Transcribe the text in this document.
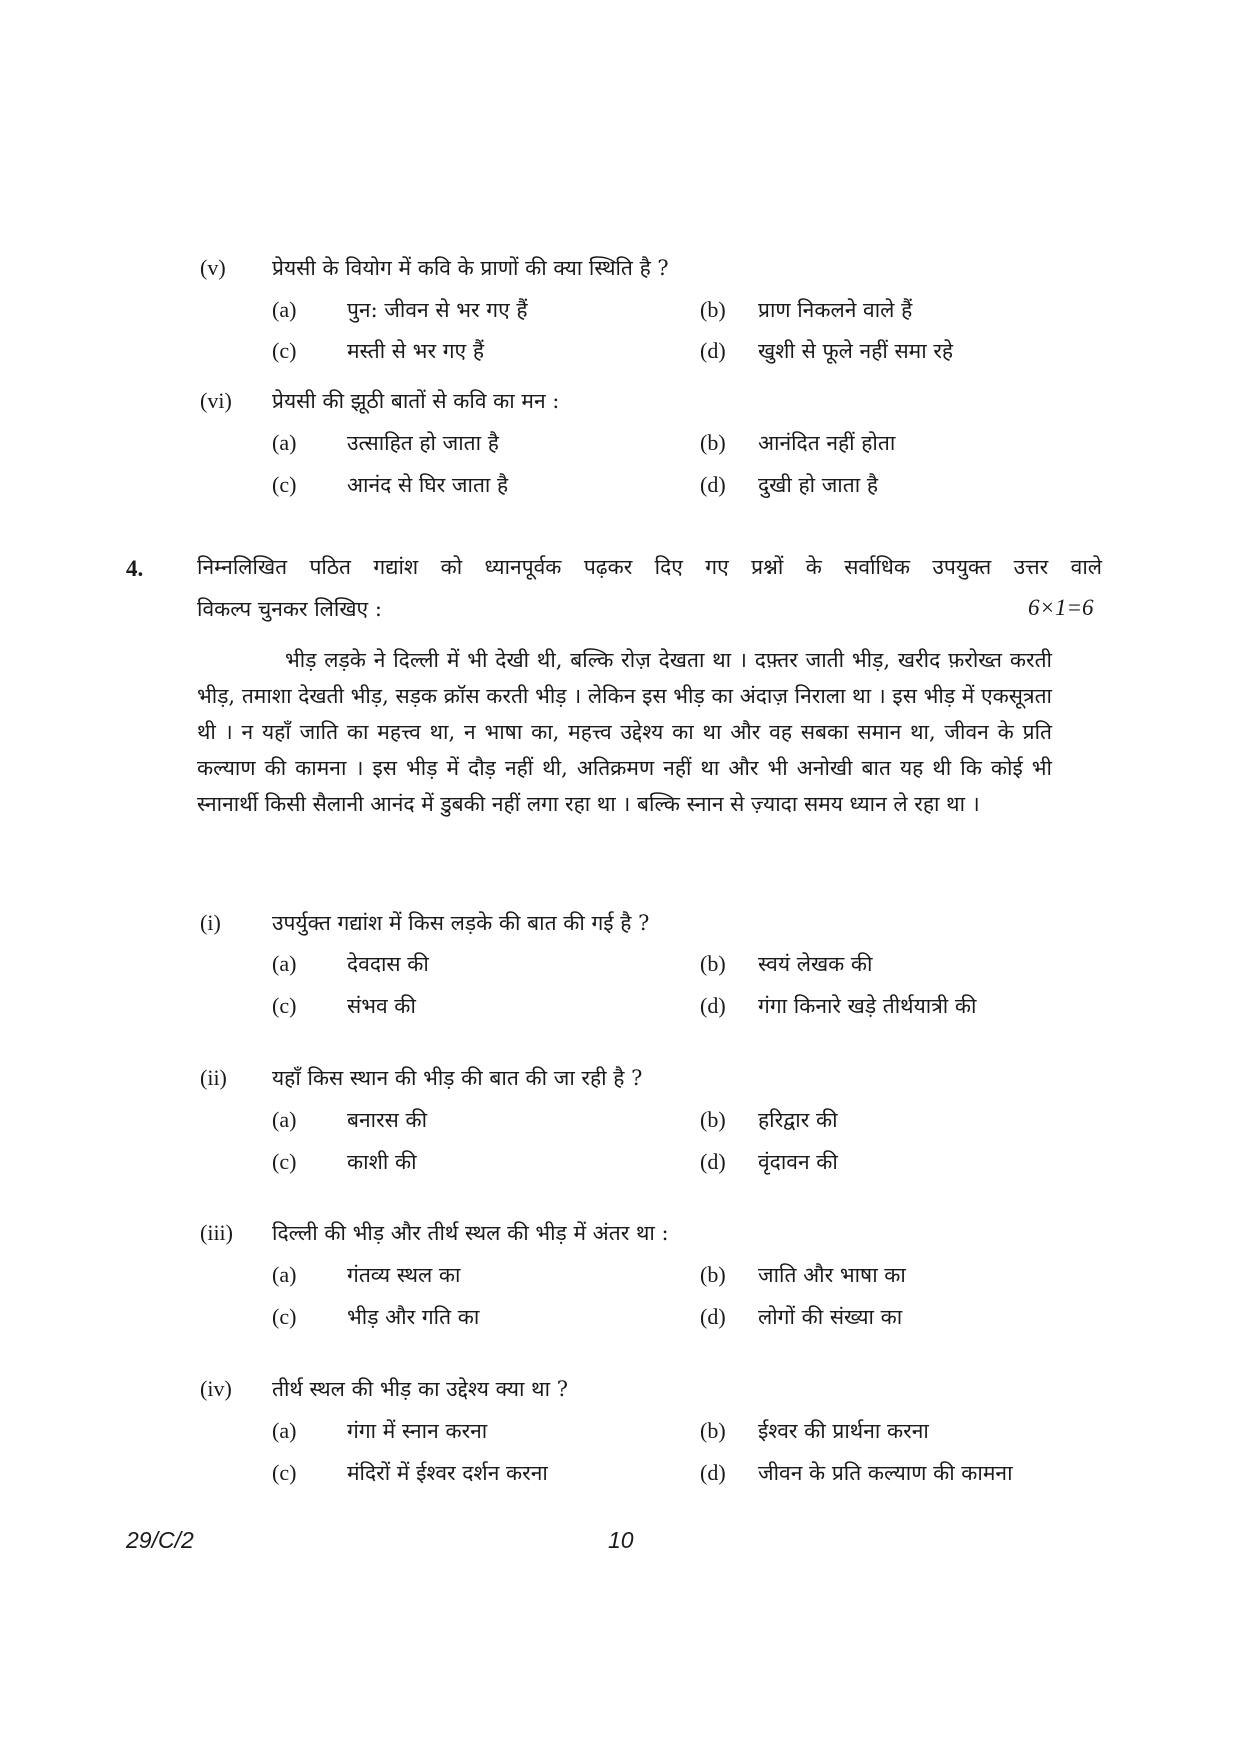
(v) प्रेयसी के वियोग में कवि के प्राणों की क्या स्थिति है ?
(a) पुन: जीवन से भर गए हैं	(b) प्राण निकलने वाले हैं
(c) मस्ती से भर गए हैं	(d) खुशी से फूले नहीं समा रहे
(vi) प्रेयसी की झूठी बातों से कवि का मन :
(a) उत्साहित हो जाता है	(b) आनंदित नहीं होता
(c) आनंद से घिर जाता है	(d) दुखी हो जाता है
4.	निम्नलिखित पठित गद्यांश को ध्यानपूर्वक पढ़कर दिए गए प्रश्नों के सर्वाधिक उपयुक्त उत्तर वाले
विकल्प चुनकर लिखिए :	6×1=6
भीड़ लड़के ने दिल्ली में भी देखी थी, बल्कि रोज़ देखता था । दफ़्तर जाती भीड़, खरीद फ़रोख्त करती भीड़, तमाशा देखती भीड़, सड़क क्रॉस करती भीड़ । लेकिन इस भीड़ का अंदाज़ निराला था । इस भीड़ में एकसूत्रता थी । न यहाँ जाति का महत्त्व था, न भाषा का, महत्त्व उद्देश्य का था और वह सबका समान था, जीवन के प्रति कल्याण की कामना । इस भीड़ में दौड़ नहीं थी, अतिक्रमण नहीं था और भी अनोखी बात यह थी कि कोई भी स्नानार्थी किसी सैलानी आनंद में डुबकी नहीं लगा रहा था । बल्कि स्नान से ज़्यादा समय ध्यान ले रहा था ।
(i) उपर्युक्त गद्यांश में किस लड़के की बात की गई है ?
(a) देवदास की	(b) स्वयं लेखक की
(c) संभव की	(d) गंगा किनारे खड़े तीर्थयात्री की
(ii) यहाँ किस स्थान की भीड़ की बात की जा रही है ?
(a) बनारस की	(b) हरिद्वार की
(c) काशी की	(d) वृंदावन की
(iii) दिल्ली की भीड़ और तीर्थ स्थल की भीड़ में अंतर था :
(a) गंतव्य स्थल का	(b) जाति और भाषा का
(c) भीड़ और गति का	(d) लोगों की संख्या का
(iv) तीर्थ स्थल की भीड़ का उद्देश्य क्या था ?
(a) गंगा में स्नान करना	(b) ईश्वर की प्रार्थना करना
(c) मंदिरों में ईश्वर दर्शन करना	(d) जीवन के प्रति कल्याण की कामना
29/C/2	10
